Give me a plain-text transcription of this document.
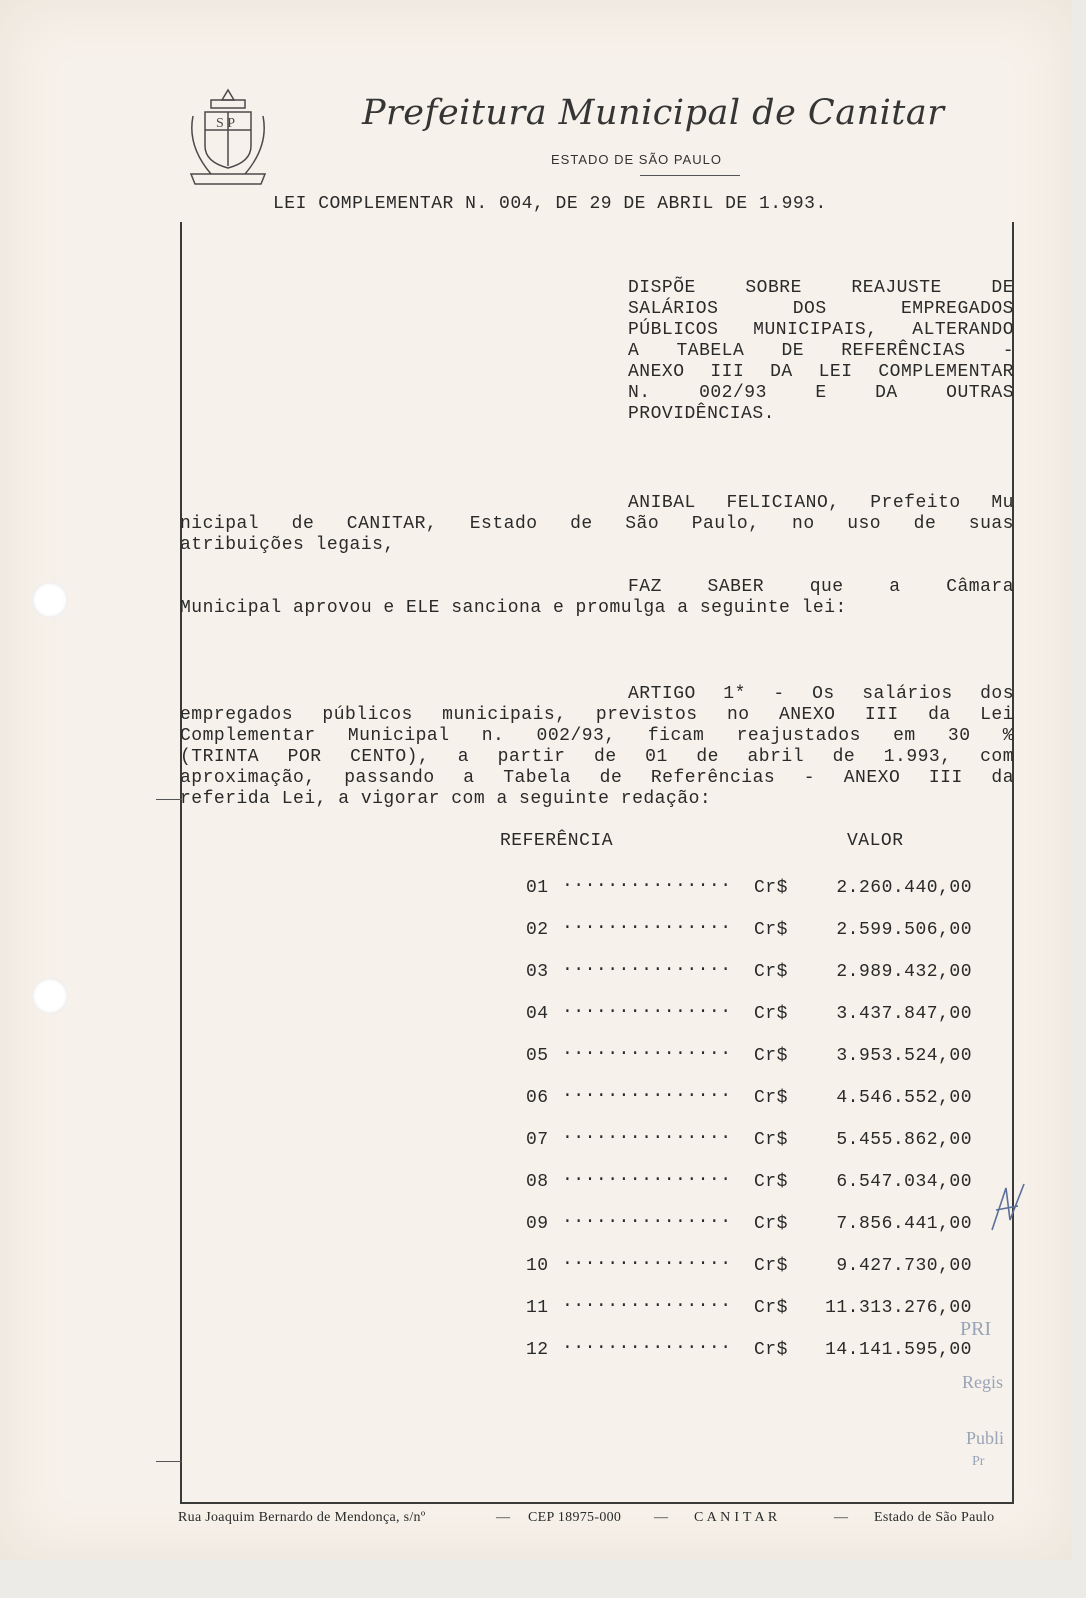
S P	Prefeitura Municipal de Canitar
ESTADO DE SÃO PAULO
LEI COMPLEMENTAR N. 004, DE 29 DE ABRIL DE 1.993.
DISPÕE SOBRE REAJUSTE DE
SALÁRIOS DOS EMPREGADOS
PÚBLICOS MUNICIPAIS, ALTERANDO
A TABELA DE REFERÊNCIAS -
ANEXO III DA LEI COMPLEMENTAR
N. 002/93 E DA OUTRAS
PROVIDÊNCIAS.
ANIBAL FELICIANO, Prefeito Mu
nicipal de CANITAR, Estado de São Paulo, no uso de suas
atribuições legais,
FAZ SABER que a Câmara
Municipal aprovou e ELE sanciona e promulga a seguinte lei:
ARTIGO 1* - Os salários dos
empregados públicos municipais, previstos no ANEXO III da Lei
Complementar Municipal n. 002/93, ficam reajustados em 30 %
(TRINTA POR CENTO), a partir de 01 de abril de 1.993, com
aproximação, passando a Tabela de Referências - ANEXO III da
referida Lei, a vigorar com a seguinte redação:
REFERÊNCIA	VALOR
01 ............... Cr$	2.260.440,00
02 ............... Cr$	2.599.506,00
03 ............... Cr$	2.989.432,00
04 ............... Cr$	3.437.847,00
05 ............... Cr$	3.953.524,00
06 ............... Cr$	4.546.552,00
07 ............... Cr$	5.455.862,00
08 ............... Cr$	6.547.034,00
09 ............... Cr$	7.856.441,00
10 ............... Cr$	9.427.730,00
11 ............... Cr$ 11.313.276,00
12 ............... Cr$ 14.141.595,00
PRI
Regis
Publi
Pr
Rua Joaquim Bernardo de Mendonça, s/nº	— CEP 18975-000 — C A N I T A R	— Estado de São Paulo
